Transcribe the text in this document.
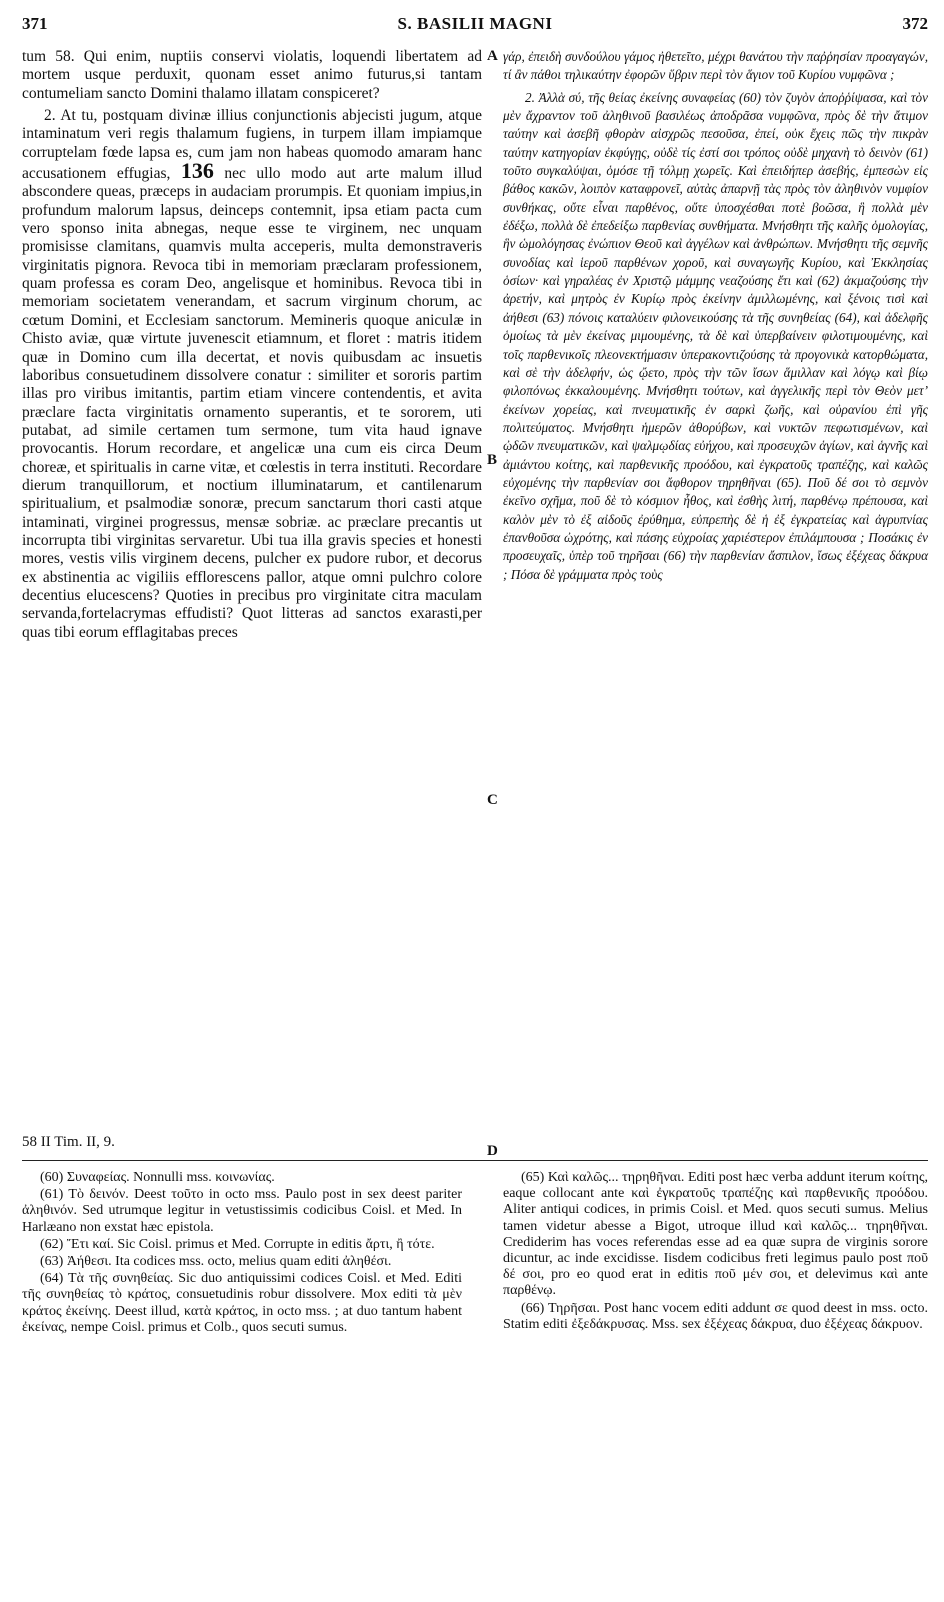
371	S. BASILII MAGNI	372

tum 58. Qui enim, nuptiis conservi violatis, loquendi libertatem ad mortem usque perduxit, quonam esset animo futurus,si tantam contumeliam sancto Domini thalamo illatam conspiceret?

2. At tu, postquam divinæ illius conjunctionis abjecisti jugum, atque intaminatum veri regis thalamum fugiens, in turpem illam impiamque corruptelam fœde lapsa es, cum jam non habeas quomodo amaram hanc accusationem effugias, 136 nec ullo modo aut arte malum illud abscondere queas, præceps in audaciam prorumpis. Et quoniam impius,in profundum malorum lapsus, deinceps contemnit, ipsa etiam pacta cum vero sponso inita abnegas, neque esse te virginem, nec unquam promisisse clamitans, quamvis multa acceperis, multa demonstraveris virginitatis pignora. Revoca tibi in memoriam præclaram professionem, quam professa es coram Deo, angelisque et hominibus. Revoca tibi in memoriam societatem venerandam, et sacrum virginum chorum, ac cœtum Domini, et Ecclesiam sanctorum. Memineris quoque aniculæ in Chisto aviæ, quæ virtute juvenescit etiamnum, et floret : matris itidem quæ in Domino cum illa decertat, et novis quibusdam ac insuetis laboribus consuetudinem dissolvere conatur : similiter et sororis partim illas pro viribus imitantis, partim etiam vincere contendentis, et avita præclare facta virginitatis ornamento superantis, et te sororem, uti putabat, ad simile certamen tum sermone, tum vita haud ignave provocantis. Horum recordare, et angelicæ una cum eis circa Deum choreæ, et spiritualis in carne vitæ, et cœlestis in terra instituti. Recordare dierum tranquillorum, et noctium illuminatarum, et cantilenarum spiritualium, et psalmodiæ sonoræ, precum sanctarum thori casti atque intaminati, virginei progressus, mensæ sobriæ. ac præclare precantis ut incorrupta tibi virginitas servaretur. Ubi tua illa gravis species et honesti mores, vestis vilis virginem decens, pulcher ex pudore rubor, et decorus ex abstinentia ac vigiliis efflorescens pallor, atque omni pulchro colore decentius elucescens? Quoties in precibus pro virginitate citra maculam servanda,fortelacrymas effudisti? Quot litteras ad sanctos exarasti,per quas tibi eorum efflagitabas preces

A
B
C
D

γάρ, ἐπειδὴ συνδούλου γάμος ἠθετεῖτο, μέχρι θανάτου τὴν παῤῥησίαν προαγαγών, τί ἂν πάθοι τηλικαύτην ἐφορῶν ὕβριν περὶ τὸν ἅγιον τοῦ Κυρίου νυμφῶνα ;

2. Ἀλλὰ σύ, τῆς θείας ἐκείνης συναφείας (60) τὸν ζυγὸν ἀποῤῥίψασα, καὶ τὸν μὲν ἄχραντον τοῦ ἀληθινοῦ βασιλέως ἀποδρᾶσα νυμφῶνα, πρὸς δὲ τὴν ἄτιμον ταύτην καὶ ἀσεβῆ φθορὰν αἰσχρῶς πεσοῦσα, ἐπεί, οὐκ ἔχεις πῶς τὴν πικρὰν ταύτην κατηγορίαν ἐκφύγῃς, οὐδὲ τίς ἐστί σοι τρόπος οὐδὲ μηχανὴ τὸ δεινὸν (61) τοῦτο συγκαλύψαι, ὁμόσε τῇ τόλμῃ χωρεῖς. Καὶ ἐπειδήπερ ἀσεβής, ἐμπεσὼν εἰς βάθος κακῶν, λοιπὸν καταφρονεῖ, αὐτὰς ἀπαρνῇ τὰς πρὸς τὸν ἀληθινὸν νυμφίον συνθήκας, οὔτε εἶναι παρθένος, οὔτε ὑποσχέσθαι ποτὲ βοῶσα, ἣ πολλὰ μὲν ἐδέξω, πολλὰ δὲ ἐπεδείξω παρθενίας συνθήματα. Μνήσθητι τῆς καλῆς ὁμολογίας, ἣν ὡμολόγησας ἐνώπιον Θεοῦ καὶ ἀγγέλων καὶ ἀνθρώπων. Μνήσθητι τῆς σεμνῆς συνοδίας καὶ ἱεροῦ παρθένων χοροῦ, καὶ συναγωγῆς Κυρίου, καὶ Ἐκκλησίας ὁσίων· καὶ γηραλέας ἐν Χριστῷ μάμμης νεαζούσης ἔτι καὶ (62) ἀκμαζούσης τὴν ἀρετήν, καὶ μητρὸς ἐν Κυρίῳ πρὸς ἐκείνην ἁμιλλωμένης, καὶ ξένοις τισὶ καὶ ἀήθεσι (63) πόνοις καταλύειν φιλονεικούσης τὰ τῆς συνηθείας (64), καὶ ἀδελφῆς ὁμοίως τὰ μὲν ἐκείνας μιμουμένης, τὰ δὲ καὶ ὑπερβαίνειν φιλοτιμουμένης, καὶ τοῖς παρθενικοῖς πλεονεκτήμασιν ὑπερακοντιζούσης τὰ προγονικὰ κατορθώματα, καὶ σὲ τὴν ἀδελφήν, ὡς ᾤετο, πρὸς τὴν τῶν ἴσων ἅμιλλαν καὶ λόγῳ καὶ βίῳ φιλοπόνως ἐκκαλουμένης. Μνήσθητι τούτων, καὶ ἀγγελικῆς περὶ τὸν Θεὸν μετ’ ἐκείνων χορείας, καὶ πνευματικῆς ἐν σαρκὶ ζωῆς, καὶ οὐρανίου ἐπὶ γῆς πολιτεύματος. Μνήσθητι ἡμερῶν ἀθορύβων, καὶ νυκτῶν πεφωτισμένων, καὶ ᾠδῶν πνευματικῶν, καὶ ψαλμῳδίας εὐήχου, καὶ προσευχῶν ἁγίων, καὶ ἁγνῆς καὶ ἀμιάντου κοίτης, καὶ παρθενικῆς προόδου, καὶ ἐγκρατοῦς τραπέζης, καὶ καλῶς εὐχομένης τὴν παρθενίαν σοι ἄφθορον τηρηθῆναι (65). Ποῦ δέ σοι τὸ σεμνὸν ἐκεῖνο σχῆμα, ποῦ δὲ τὸ κόσμιον ἦθος, καὶ ἐσθὴς λιτή, παρθένῳ πρέπουσα, καὶ καλὸν μὲν τὸ ἐξ αἰδοῦς ἐρύθημα, εὐπρεπὴς δὲ ἡ ἐξ ἐγκρατείας καὶ ἀγρυπνίας ἐπανθοῦσα ὠχρότης, καὶ πάσης εὐχροίας χαριέστερον ἐπιλάμπουσα ; Ποσάκις ἐν προσευχαῖς, ὑπὲρ τοῦ τηρῆσαι (66) τὴν παρθενίαν ἄσπιλον, ἴσως ἐξέχεας δάκρυα ; Πόσα δὲ γράμματα πρὸς τοὺς

58 II Tim. II, 9.

(60) Συναφείας. Nonnulli mss. κοινωνίας.

(61) Τὸ δεινόν. Deest τοῦτο in octo mss. Paulo post in sex deest pariter ἀληθινόν. Sed utrumque legitur in vetustissimis codicibus Coisl. et Med. In Harlæano non exstat hæc epistola.

(62) Ἔτι καί. Sic Coisl. primus et Med. Corrupte in editis ἄρτι, ἢ τότε.

(63) Ἀήθεσι. Ita codices mss. octo, melius quam editi ἀληθέσι.

(64) Τὰ τῆς συνηθείας. Sic duo antiquissimi codices Coisl. et Med. Editi τῆς συνηθείας τὸ κράτος, consuetudinis robur dissolvere. Mox editi τὰ μὲν κράτος ἐκείνης. Deest illud, κατὰ κράτος, in octo mss. ; at duo tantum habent ἐκείνας, nempe Coisl. primus et Colb., quos secuti sumus.

(65) Καὶ καλῶς... τηρηθῆναι. Editi post hæc verba addunt iterum κοίτης, eaque collocant ante καὶ ἐγκρατοῦς τραπέζης καὶ παρθενικῆς προόδου. Aliter antiqui codices, in primis Coisl. et Med. quos secuti sumus. Melius tamen videtur abesse a Bigot, utroque illud καὶ καλῶς... τηρηθῆναι. Crediderim has voces referendas esse ad ea quæ supra de virginis sorore dicuntur, ac inde excidisse. Iisdem codicibus freti legimus paulo post ποῦ δέ σοι, pro eo quod erat in editis ποῦ μέν σοι, et delevimus καὶ ante παρθένῳ.

(66) Τηρῆσαι. Post hanc vocem editi addunt σε quod deest in mss. octo. Statim editi ἐξεδάκρυσας. Mss. sex ἐξέχεας δάκρυα, duo ἐξέχεας δάκρυον.
